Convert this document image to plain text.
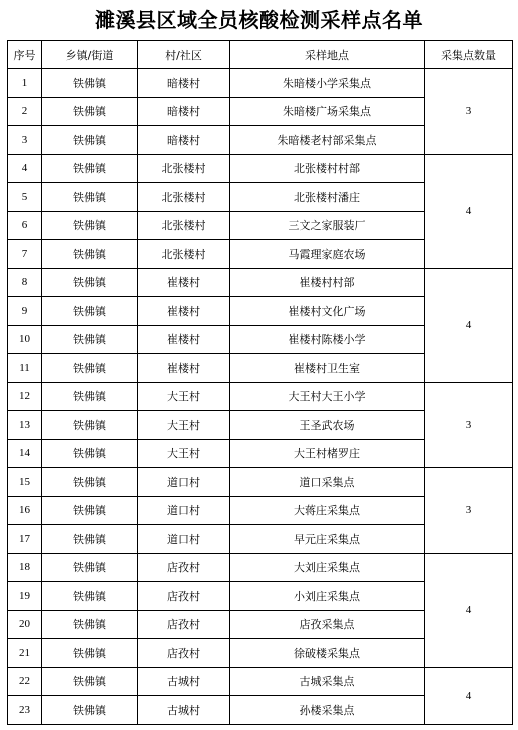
濉溪县区域全员核酸检测采样点名单
序号	乡镇/街道	村/社区	采样地点	采集点数量
1	铁佛镇	暗楼村	朱暗楼小学采集点	3
2	铁佛镇	暗楼村	朱暗楼广场采集点	
3	铁佛镇	暗楼村	朱暗楼老村部采集点	
4	铁佛镇	北张楼村	北张楼村村部	4
5	铁佛镇	北张楼村	北张楼村潘庄	
6	铁佛镇	北张楼村	三文之家服装厂	
7	铁佛镇	北张楼村	马霞理家庭农场	
8	铁佛镇	崔楼村	崔楼村村部	4
9	铁佛镇	崔楼村	崔楼村文化广场	
10	铁佛镇	崔楼村	崔楼村陈楼小学	
11	铁佛镇	崔楼村	崔楼村卫生室	
12	铁佛镇	大王村	大王村大王小学	3
13	铁佛镇	大王村	王圣武农场	
14	铁佛镇	大王村	大王村楮罗庄	
15	铁佛镇	道口村	道口采集点	3
16	铁佛镇	道口村	大蒋庄采集点	
17	铁佛镇	道口村	早元庄采集点	
18	铁佛镇	店孜村	大刘庄采集点	4
19	铁佛镇	店孜村	小刘庄采集点	
20	铁佛镇	店孜村	店孜采集点	
21	铁佛镇	店孜村	徐破楼采集点	
22	铁佛镇	古城村	古城采集点	4
23	铁佛镇	古城村	孙楼采集点	
